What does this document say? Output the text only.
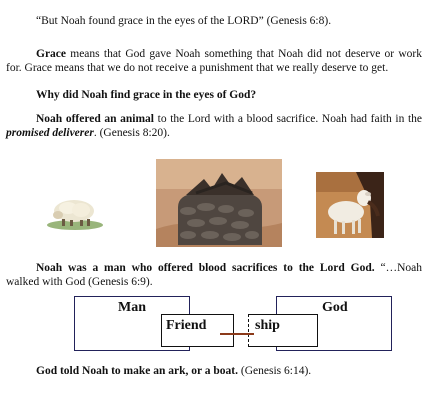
“But Noah found grace in the eyes of the LORD” (Genesis 6:8).

Grace means that God gave Noah something that Noah did not deserve or work for. Grace means that we do not receive a punishment that we really deserve to get.

Why did Noah find grace in the eyes of God?

Noah offered an animal to the Lord with a blood sacrifice. Noah had faith in the promised deliverer. (Genesis 8:20).

Noah was a man who offered blood sacrifices to the Lord God. “…Noah walked with God (Genesis 6:9).

Man	God
Friend	ship

God told Noah to make an ark, or a boat. (Genesis 6:14).
